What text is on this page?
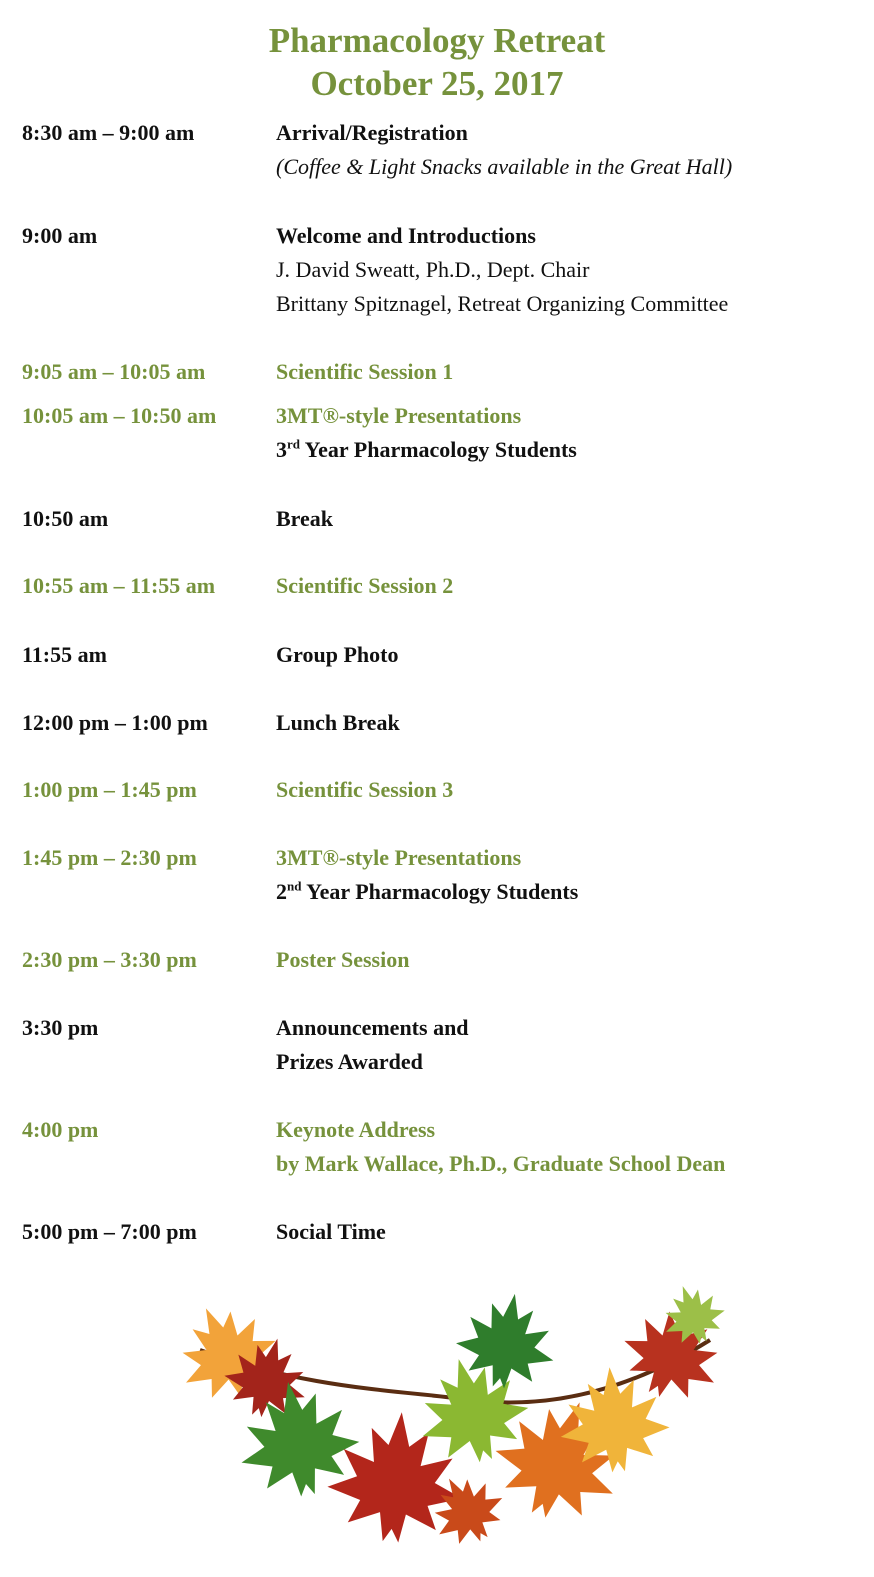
Pharmacology Retreat
October 25, 2017
8:30 am – 9:00 am	Arrival/Registration
(Coffee & Light Snacks available in the Great Hall)
9:00 am	Welcome and Introductions
J. David Sweatt, Ph.D., Dept. Chair
Brittany Spitznagel, Retreat Organizing Committee
9:05 am – 10:05 am	Scientific Session 1
10:05 am – 10:50 am	3MT®-style Presentations
3rd Year Pharmacology Students
10:50 am	Break
10:55 am – 11:55 am	Scientific Session 2
11:55 am	Group Photo
12:00 pm – 1:00 pm	Lunch Break
1:00 pm – 1:45 pm	Scientific Session 3
1:45 pm – 2:30 pm	3MT®-style Presentations
2nd Year Pharmacology Students
2:30 pm – 3:30 pm	Poster Session
3:30 pm	Announcements and
Prizes Awarded
4:00 pm	Keynote Address
by Mark Wallace, Ph.D., Graduate School Dean
5:00 pm – 7:00 pm	Social Time
